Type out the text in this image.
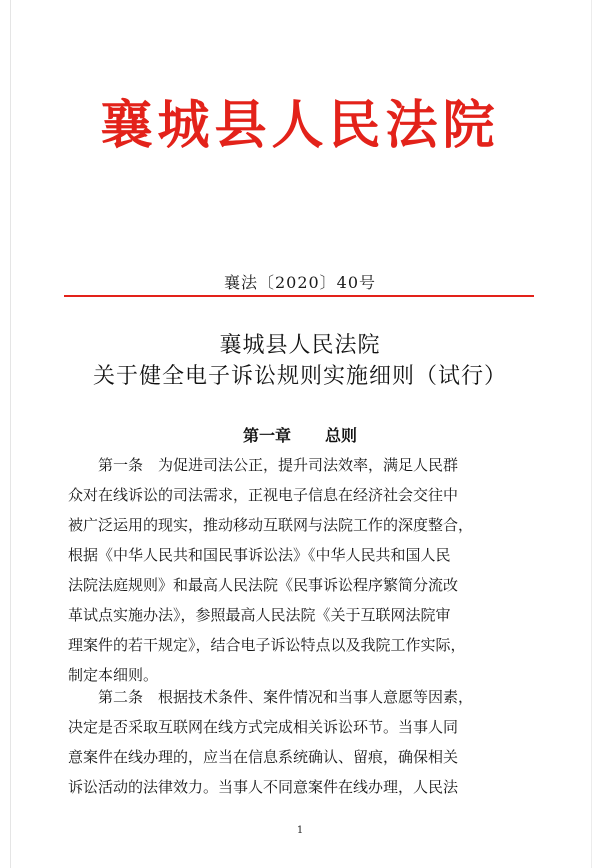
襄城县人民法院
襄法〔2020〕40号
襄城县人民法院
关于健全电子诉讼规则实施细则（试行）
第一章 总则
　　第一条　为促进司法公正，提升司法效率，满足人民群
众对在线诉讼的司法需求，正视电子信息在经济社会交往中
被广泛运用的现实，推动移动互联网与法院工作的深度整合，
根据《中华人民共和国民事诉讼法》《中华人民共和国人民
法院法庭规则》和最高人民法院《民事诉讼程序繁简分流改
革试点实施办法》，参照最高人民法院《关于互联网法院审
理案件的若干规定》，结合电子诉讼特点以及我院工作实际，
制定本细则。
　　第二条　根据技术条件、案件情况和当事人意愿等因素，
决定是否采取互联网在线方式完成相关诉讼环节。当事人同
意案件在线办理的，应当在信息系统确认、留痕，确保相关
诉讼活动的法律效力。当事人不同意案件在线办理，人民法
1
